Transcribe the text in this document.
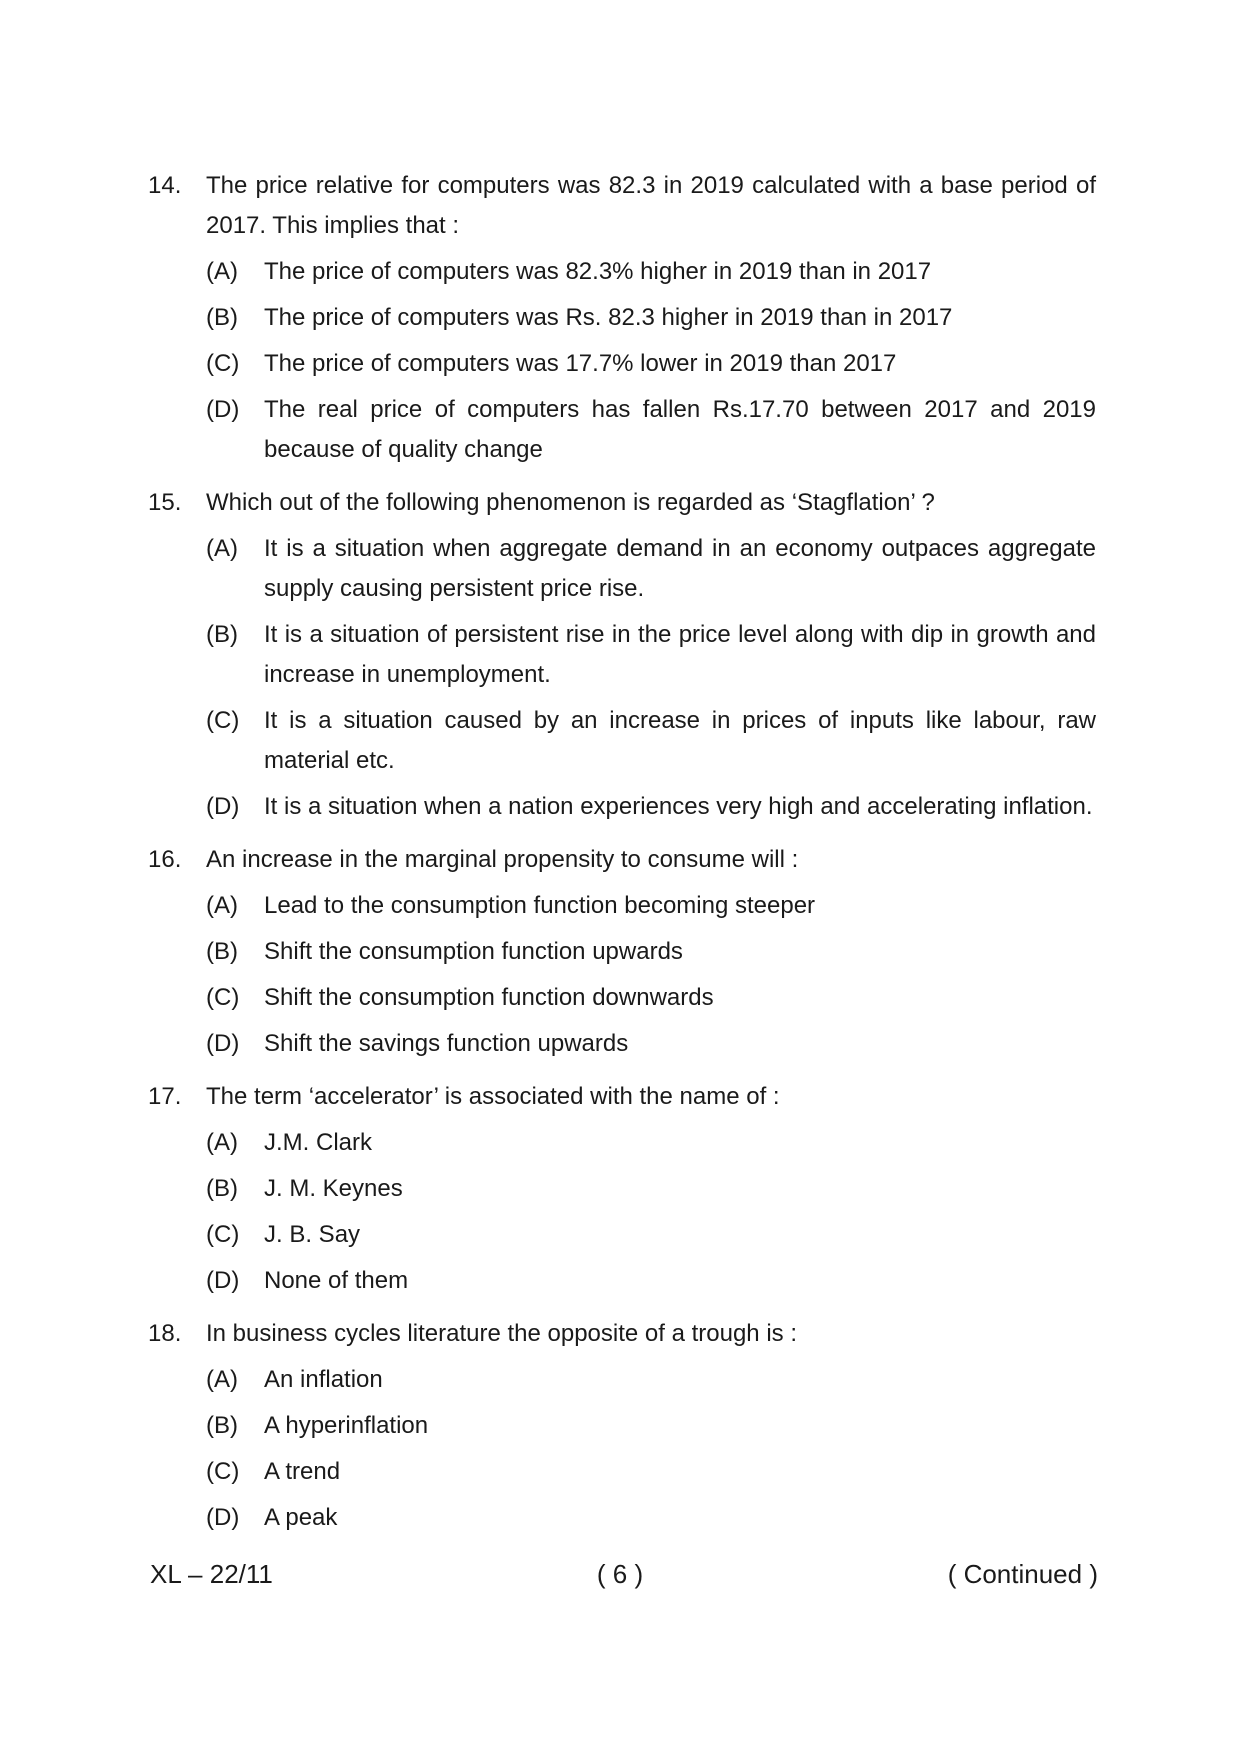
14.	The price relative for computers was 82.3 in 2019 calculated with a base period of 2017. This implies that :
(A)	The price of computers was 82.3% higher in 2019 than in 2017
(B)	The price of computers was Rs. 82.3 higher in 2019 than in 2017
(C)	The price of computers was 17.7% lower in 2019 than 2017
(D)	The real price of computers has fallen Rs.17.70 between 2017 and 2019 because of quality change
15.	Which out of the following phenomenon is regarded as ‘Stagflation’ ?
(A)	It is a situation when aggregate demand in an economy outpaces aggregate supply causing persistent price rise.
(B)	It is a situation of persistent rise in the price level along with dip in growth and increase in unemployment.
(C)	It is a situation caused by an increase in prices of inputs like labour, raw material etc.
(D)	It is a situation when a nation experiences very high and accelerating inflation.
16.	An increase in the marginal propensity to consume will :
(A)	Lead to the consumption function becoming steeper
(B)	Shift the consumption function upwards
(C)	Shift the consumption function downwards
(D)	Shift the savings function upwards
17.	The term ‘accelerator’ is associated with the name of :
(A)	J.M. Clark
(B)	J. M. Keynes
(C)	J. B. Say
(D)	None of them
18.	In business cycles literature the opposite of a trough is :
(A)	An inflation
(B)	A hyperinflation
(C)	A trend
(D)	A peak
XL – 22/11	( 6 )	( Continued )
